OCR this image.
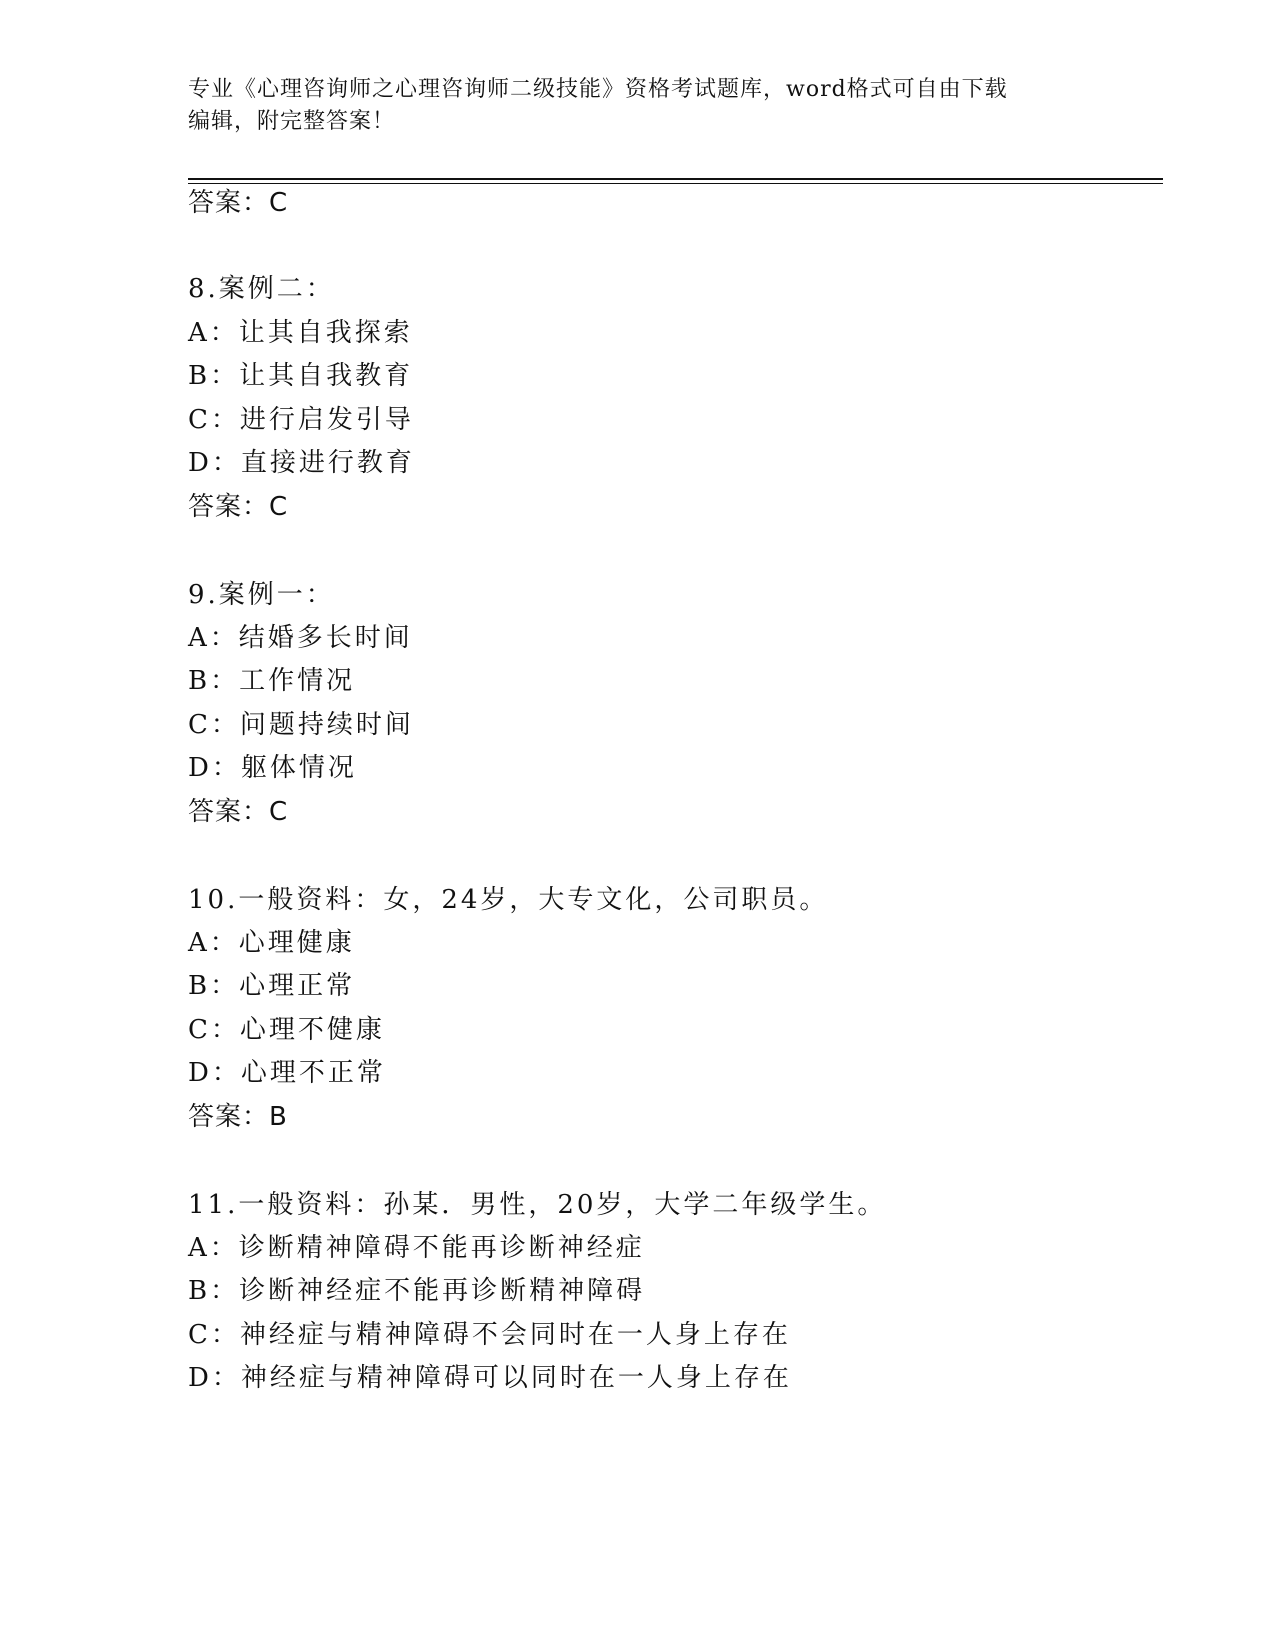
专业《心理咨询师之心理咨询师二级技能》资格考试题库，word格式可自由下载
编辑，附完整答案！
答案：C
8.案例二：
A：让其自我探索
B：让其自我教育
C：进行启发引导
D：直接进行教育
答案：C
9.案例一：
A：结婚多长时间
B：工作情况
C：问题持续时间
D：躯体情况
答案：C
10.一般资料：女，24岁，大专文化，公司职员。
A：心理健康
B：心理正常
C：心理不健康
D：心理不正常
答案：B
11.一般资料：孙某．男性，20岁，大学二年级学生。
A：诊断精神障碍不能再诊断神经症
B：诊断神经症不能再诊断精神障碍
C：神经症与精神障碍不会同时在一人身上存在
D：神经症与精神障碍可以同时在一人身上存在
